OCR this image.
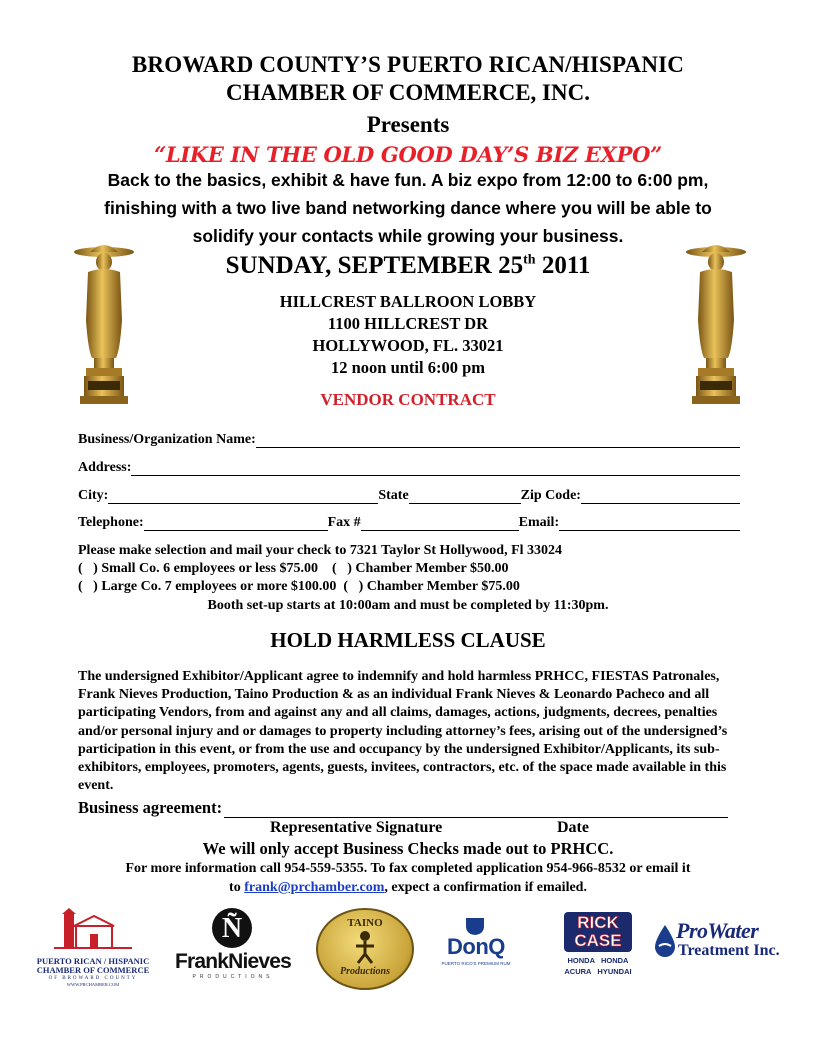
BROWARD COUNTY’S PUERTO RICAN/HISPANIC
CHAMBER OF COMMERCE, INC.
Presents
“LIKE IN THE OLD GOOD DAY’S BIZ EXPO”
Back to the basics, exhibit & have fun. A biz expo from 12:00 to 6:00 pm,
finishing with a two live band networking dance where you will be able to
solidify your contacts while growing your business.
SUNDAY, SEPTEMBER 25th 2011
HILLCREST BALLROON LOBBY
1100 HILLCREST DR
HOLLYWOOD, FL. 33021
12 noon until 6:00 pm
VENDOR CONTRACT
Business/Organization Name:
Address:
City:	State	Zip Code:
Telephone:	Fax #	Email:
Please make selection and mail your check to 7321 Taylor St Hollywood, Fl 33024
(   ) Small Co. 6 employees or less $75.00    (   ) Chamber Member $50.00
(   ) Large Co. 7 employees or more $100.00  (   ) Chamber Member $75.00
Booth set-up starts at 10:00am and must be completed by 11:30pm.
HOLD HARMLESS CLAUSE
The undersigned Exhibitor/Applicant agree to indemnify and hold harmless PRHCC, FIESTAS Patronales, Frank Nieves Production, Taino Production & as an individual Frank Nieves & Leonardo Pacheco and all participating Vendors, from and against any and all claims, damages, actions, judgments, decrees, penalties and/or personal injury and or damages to property including attorney’s fees, arising out of the undersigned’s participation in this event, or from the use and occupancy by the undersigned Exhibitor/Applicants, its sub-exhibitors, employees, promoters, agents, guests, invitees, contractors, etc. of the space made available in this event.
Business agreement:
Representative Signature	Date
We will only accept Business Checks made out to PRHCC.
For more information call 954-559-5355. To fax completed application 954-966-8532 or email it
to frank@prchamber.com, expect a confirmation if emailed.
PUERTO RICAN / HISPANIC
CHAMBER OF COMMERCE
OF BROWARD COUNTY
WWW.PRCHAMBER.COM
Ñ
FrankNieves
PRODUCTIONS
TAINO
Productions
DonQ
PUERTO RICO'S PREMIUM RUM
RICK
CASE
HONDA   HONDA
ACURA   HYUNDAI
ProWater
Treatment Inc.
